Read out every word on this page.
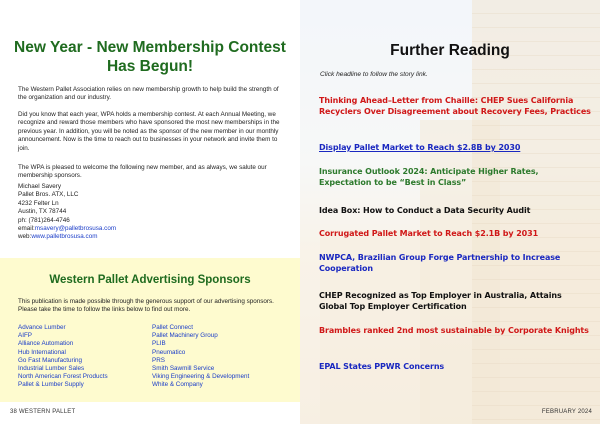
New Year - New Membership Contest
Has Begun!

The Western Pallet Association relies on new membership growth to help build the strength of the organization and our industry.

Did you know that each year, WPA holds a membership contest. At each Annual Meeting, we recognize and reward those members who have sponsored the most new memberships in the previous year. In addition, you will be noted as the sponsor of the new member in our monthly announcement. Now is the time to reach out to businesses in your network and invite them to join.

The WPA is pleased to welcome the following new member, and as always, we salute our membership sponsors.

Michael Savery
Pallet Bros. ATX, LLC
4232 Felter Ln
Austin, TX 78744
ph: (781)264-4746
email:msavery@palletbrosusa.com
web:www.palletbrosusa.com
Western Pallet Advertising Sponsors

This publication is made possible through the generous support of our advertising sponsors. Please take the time to follow the links below to find out more.

Advance Lumber
AIFP
Alliance Automation
Hub International
Go Fast Manufacturing
Industrial Lumber Sales
North American Forest Products
Pallet & Lumber Supply
Pallet Connect
Pallet Machinery Group
PLIB
Pneumatico
PRS
Smith Sawmill Service
Viking Engineering & Development
White & Company
38 WESTERN PALLET
Further Reading

Click headline to follow the story link.

Thinking Ahead–Letter from Chaille: CHEP Sues California Recyclers Over Disagreement about Recovery Fees, Practices
Display Pallet Market to Reach $2.8B by 2030
Insurance Outlook 2024: Anticipate Higher Rates, Expectation to be “Best in Class”
Idea Box: How to Conduct a Data Security Audit
Corrugated Pallet Market to Reach $2.1B by 2031
NWPCA, Brazilian Group Forge Partnership to Increase Cooperation
CHEP Recognized as Top Employer in Australia, Attains Global Top Employer Certification
Brambles ranked 2nd most sustainable by Corporate Knights
EPAL States PPWR Concerns
FEBRUARY 2024
